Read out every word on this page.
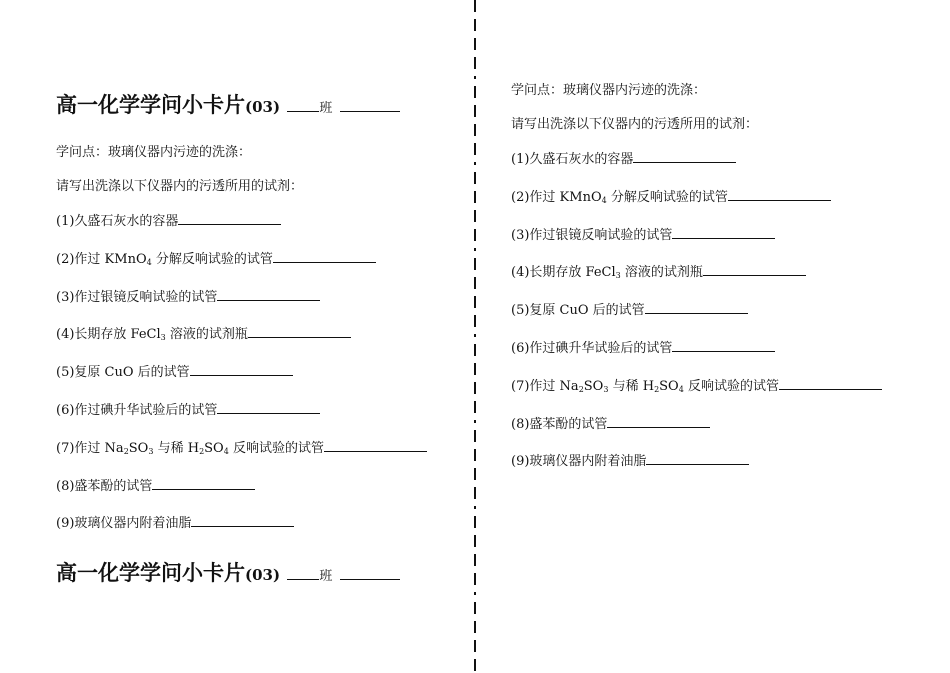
高一化学学问小卡片(03)	班
学问点：玻璃仪器内污迹的洗涤：
请写出洗涤以下仪器内的污透所用的试剂：
(1)久盛石灰水的容器
(2)作过 KMnO$_4$ 分解反响试验的试管
(3)作过银镜反响试验的试管
(4)长期存放 FeCl$_3$ 溶液的试剂瓶
(5)复原 CuO 后的试管
(6)作过碘升华试验后的试管
(7)作过 $Na_2SO_3$ 与稀 $H_2SO_4$ 反响试验的试管
(8)盛苯酚的试管
(9)玻璃仪器内附着油脂
高一化学学问小卡片(03)	班
学问点：玻璃仪器内污迹的洗涤：
请写出洗涤以下仪器内的污透所用的试剂：
(1)久盛石灰水的容器
(2)作过 KMnO$_4$ 分解反响试验的试管
(3)作过银镜反响试验的试管
(4)长期存放 FeCl$_3$ 溶液的试剂瓶
(5)复原 CuO 后的试管
(6)作过碘升华试验后的试管
(7)作过 $Na_2SO_3$ 与稀 $H_2SO_4$ 反响试验的试管
(8)盛苯酚的试管
(9)玻璃仪器内附着油脂
